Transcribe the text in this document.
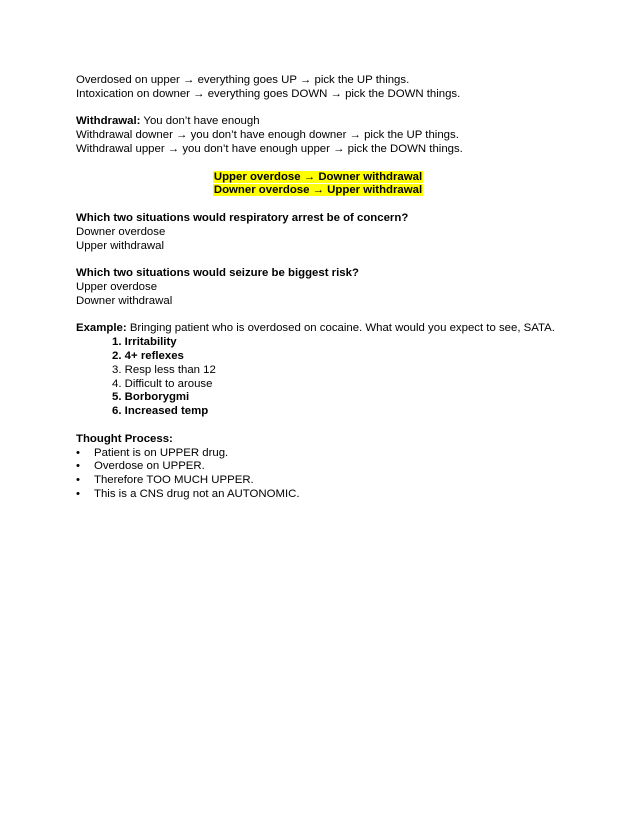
Overdosed on upper → everything goes UP → pick the UP things.
Intoxication on downer → everything goes DOWN → pick the DOWN things.
Withdrawal: You don’t have enough
Withdrawal downer → you don’t have enough downer → pick the UP things.
Withdrawal upper → you don’t have enough upper → pick the DOWN things.
Upper overdose → Downer withdrawal
Downer overdose → Upper withdrawal
Which two situations would respiratory arrest be of concern?
Downer overdose
Upper withdrawal
Which two situations would seizure be biggest risk?
Upper overdose
Downer withdrawal
Example: Bringing patient who is overdosed on cocaine. What would you expect to see, SATA.
1. Irritability
2. 4+ reflexes
3. Resp less than 12
4. Difficult to arouse
5. Borborygmi
6. Increased temp
Thought Process:
• Patient is on UPPER drug.
• Overdose on UPPER.
• Therefore TOO MUCH UPPER.
• This is a CNS drug not an AUTONOMIC.
